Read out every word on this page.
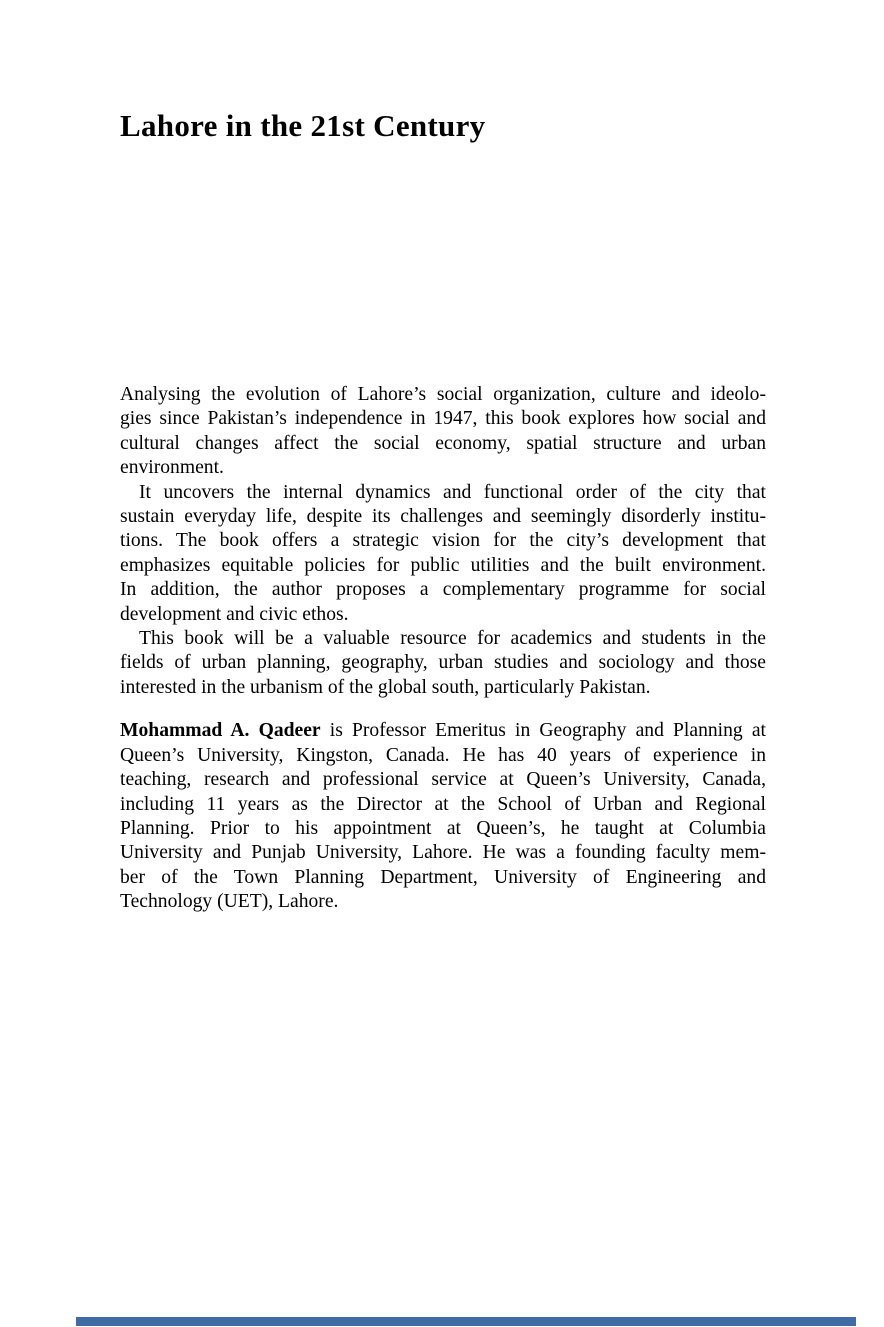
Lahore in the 21st Century
Analysing the evolution of Lahore’s social organization, culture and ideolo-
gies since Pakistan’s independence in 1947, this book explores how social and
cultural changes affect the social economy, spatial structure and urban
environment.
It uncovers the internal dynamics and functional order of the city that
sustain everyday life, despite its challenges and seemingly disorderly institu-
tions. The book offers a strategic vision for the city’s development that
emphasizes equitable policies for public utilities and the built environment.
In addition, the author proposes a complementary programme for social
development and civic ethos.
This book will be a valuable resource for academics and students in the
fields of urban planning, geography, urban studies and sociology and those
interested in the urbanism of the global south, particularly Pakistan.
Mohammad A. Qadeer is Professor Emeritus in Geography and Planning at
Queen’s University, Kingston, Canada. He has 40 years of experience in
teaching, research and professional service at Queen’s University, Canada,
including 11 years as the Director at the School of Urban and Regional
Planning. Prior to his appointment at Queen’s, he taught at Columbia
University and Punjab University, Lahore. He was a founding faculty mem-
ber of the Town Planning Department, University of Engineering and
Technology (UET), Lahore.
